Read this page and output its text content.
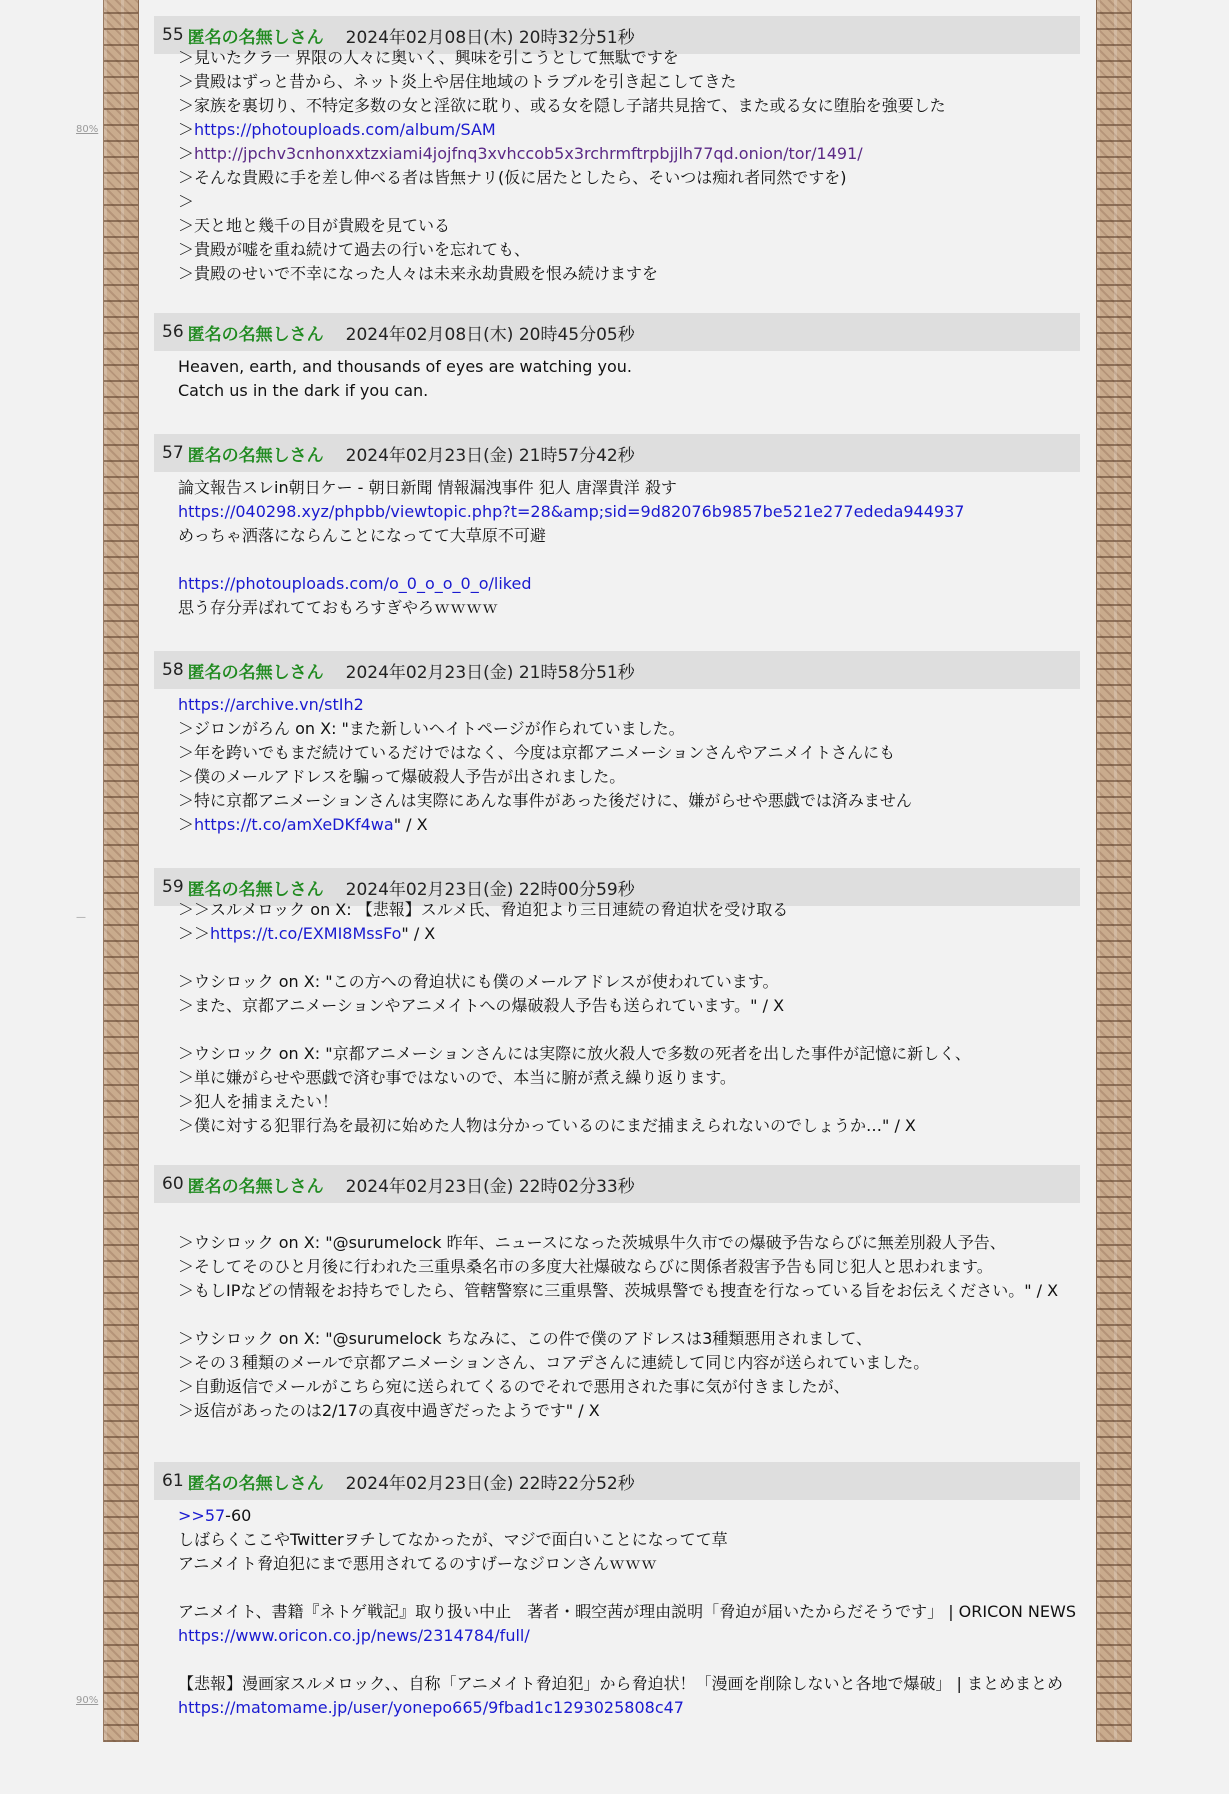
80%
—
90%
55 匿名の名無しさん 2024年02月08日(木) 20時32分51秒
＞見いたクラ一 界限の人々に奥いく、興味を引こうとして無駄ですを
＞貴殿はずっと昔から、ネット炎上や居住地域のトラブルを引き起こしてきた
＞家族を裏切り、不特定多数の女と淫欲に耽り、或る女を隠し子諸共見捨て、また或る女に堕胎を強要した
＞https://photouploads.com/album/SAM
＞http://jpchv3cnhonxxtzxiami4jojfnq3xvhccob5x3rchrmftrpbjjlh77qd.onion/tor/1491/
＞そんな貴殿に手を差し伸べる者は皆無ナリ(仮に居たとしたら、そいつは痴れ者同然ですを)
＞
＞天と地と幾千の目が貴殿を見ている
＞貴殿が嘘を重ね続けて過去の行いを忘れても、
＞貴殿のせいで不幸になった人々は未来永劫貴殿を恨み続けますを
56 匿名の名無しさん 2024年02月08日(木) 20時45分05秒
Heaven, earth, and thousands of eyes are watching you.
Catch us in the dark if you can.
57 匿名の名無しさん 2024年02月23日(金) 21時57分42秒
論文報告スレin朝日ケー - 朝日新聞 情報漏洩事件 犯人 唐澤貴洋 殺す
https://040298.xyz/phpbb/viewtopic.php?t=28&amp;sid=9d82076b9857be521e277ededa944937
めっちゃ洒落にならんことになってて大草原不可避
https://photouploads.com/o_0_o_o_0_o/liked
思う存分弄ばれてておもろすぎやろｗｗｗｗ
58 匿名の名無しさん 2024年02月23日(金) 21時58分51秒
https://archive.vn/stIh2
＞ジロンがろん on X: "また新しいヘイトページが作られていました。
＞年を跨いでもまだ続けているだけではなく、今度は京都アニメーションさんやアニメイトさんにも
＞僕のメールアドレスを騙って爆破殺人予告が出されました。
＞特に京都アニメーションさんは実際にあんな事件があった後だけに、嫌がらせや悪戯では済みません
＞https://t.co/amXeDKf4wa" / X
59 匿名の名無しさん 2024年02月23日(金) 22時00分59秒
＞＞スルメロック on X: 【悲報】スルメ氏、脅迫犯より三日連続の脅迫状を受け取る
＞＞https://t.co/EXMI8MssFo" / X
＞ウシロック on X: "この方への脅迫状にも僕のメールアドレスが使われています。
＞また、京都アニメーションやアニメイトへの爆破殺人予告も送られています。" / X
＞ウシロック on X: "京都アニメーションさんには実際に放火殺人で多数の死者を出した事件が記憶に新しく、
＞単に嫌がらせや悪戯で済む事ではないので、本当に腑が煮え繰り返ります。
＞犯人を捕まえたい！
＞僕に対する犯罪行為を最初に始めた人物は分かっているのにまだ捕まえられないのでしょうか…" / X
60 匿名の名無しさん 2024年02月23日(金) 22時02分33秒
＞ウシロック on X: "@surumelock 昨年、ニュースになった茨城県牛久市での爆破予告ならびに無差別殺人予告、
＞そしてそのひと月後に行われた三重県桑名市の多度大社爆破ならびに関係者殺害予告も同じ犯人と思われます。
＞もしIPなどの情報をお持ちでしたら、管轄警察に三重県警、茨城県警でも捜査を行なっている旨をお伝えください。" / X
＞ウシロック on X: "@surumelock ちなみに、この件で僕のアドレスは3種類悪用されまして、
＞その３種類のメールで京都アニメーションさん、コアデさんに連続して同じ内容が送られていました。
＞自動返信でメールがこちら宛に送られてくるのでそれで悪用された事に気が付きましたが、
＞返信があったのは2/17の真夜中過ぎだったようです" / X
61 匿名の名無しさん 2024年02月23日(金) 22時22分52秒
>>57-60
しばらくここやTwitterヲチしてなかったが、マジで面白いことになってて草
アニメイト脅迫犯にまで悪用されてるのすげーなジロンさんｗｗｗ
アニメイト、書籍『ネトゲ戦記』取り扱い中止　著者・暇空茜が理由説明「脅迫が届いたからだそうです」 | ORICON NEWS
https://www.oricon.co.jp/news/2314784/full/
【悲報】漫画家スルメロック、、自称「アニメイト脅迫犯」から脅迫状！「漫画を削除しないと各地で爆破」 | まとめまとめ
https://matomame.jp/user/yonepo665/9fbad1c1293025808c47
